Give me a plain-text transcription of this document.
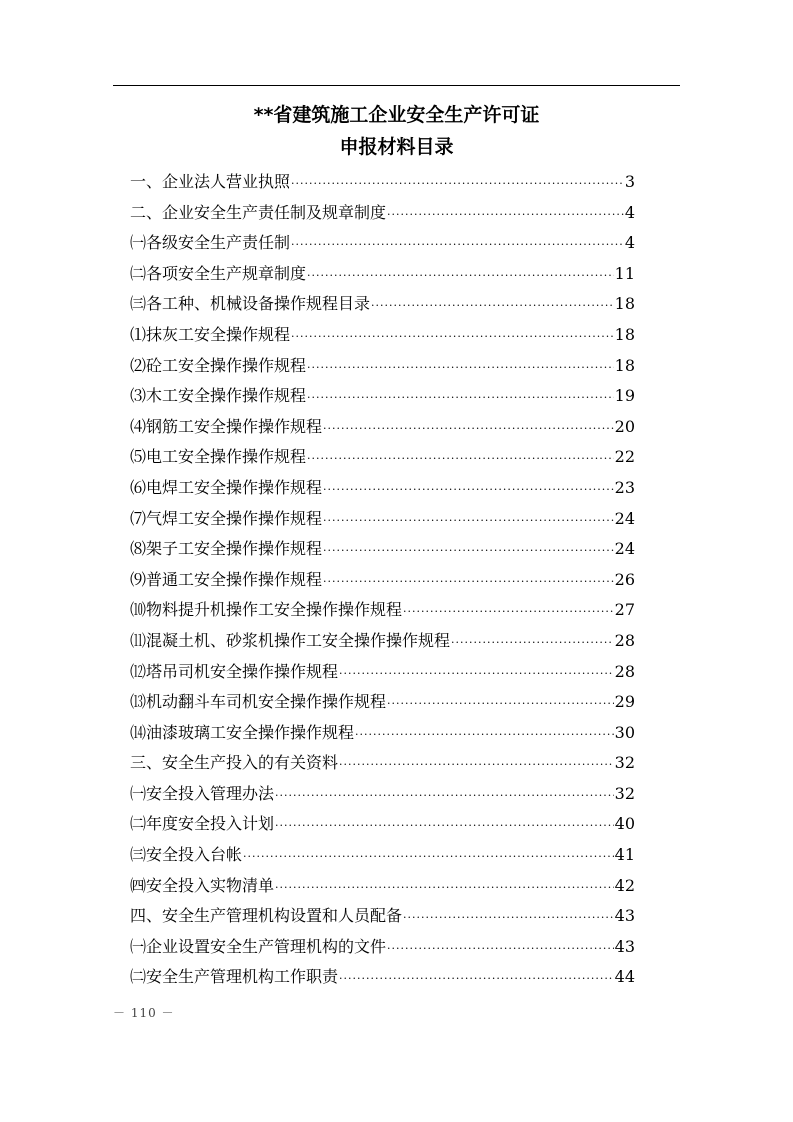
**省建筑施工企业安全生产许可证
申报材料目录
一、企业法人营业执照 ·····	3
二、企业安全生产责任制及规章制度 ·····	4
㈠各级安全生产责任制 ·····	4
㈡各项安全生产规章制度 ·····	11
㈢各工种、机械设备操作规程目录 ·····	18
⑴抹灰工安全操作规程 ·····	18
⑵砼工安全操作操作规程 ·····	18
⑶木工安全操作操作规程 ·····	19
⑷钢筋工安全操作操作规程 ·····	20
⑸电工安全操作操作规程 ·····	22
⑹电焊工安全操作操作规程 ·····	23
⑺气焊工安全操作操作规程 ·····	24
⑻架子工安全操作操作规程 ·····	24
⑼普通工安全操作操作规程 ·····	26
⑽物料提升机操作工安全操作操作规程 ·····	27
⑾混凝土机、砂浆机操作工安全操作操作规程 ·····	28
⑿塔吊司机安全操作操作规程 ·····	28
⒀机动翻斗车司机安全操作操作规程 ·····	29
⒁油漆玻璃工安全操作操作规程 ·····	30
三、安全生产投入的有关资料 ·····	32
㈠安全投入管理办法 ·····	32
㈡年度安全投入计划 ·····	40
㈢安全投入台帐 ·····	41
㈣安全投入实物清单 ·····	42
四、安全生产管理机构设置和人员配备 ·····	43
㈠企业设置安全生产管理机构的文件 ·····	43
㈡安全生产管理机构工作职责 ·····	44
－ 110 －
